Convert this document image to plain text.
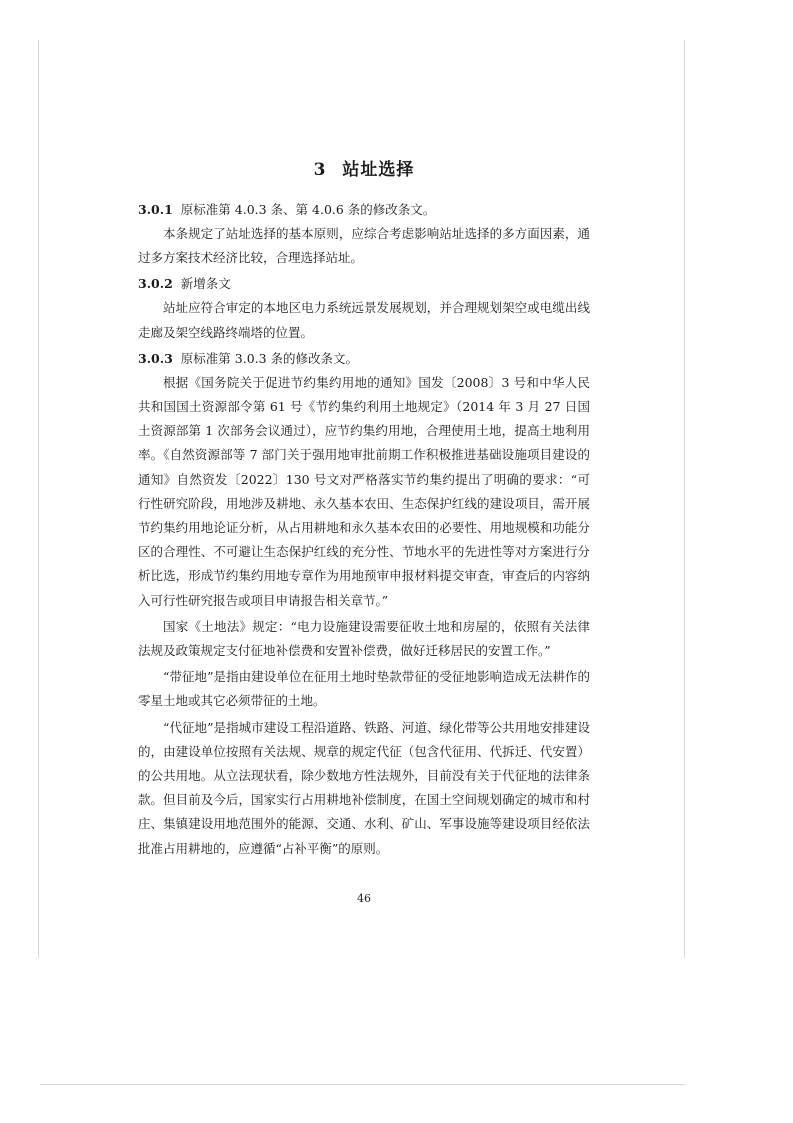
3 站址选择
3.0.1 原标准第 4.0.3 条、第 4.0.6 条的修改条文。

本条规定了站址选择的基本原则，应综合考虑影响站址选择的多方面因素，通过多方案技术经济比较，合理选择站址。

3.0.2 新增条文

站址应符合审定的本地区电力系统远景发展规划，并合理规划架空或电缆出线走廊及架空线路终端塔的位置。

3.0.3 原标准第 3.0.3 条的修改条文。

根据《国务院关于促进节约集约用地的通知》国发〔2008〕3 号和中华人民共和国国土资源部令第 61 号《节约集约利用土地规定》（2014 年 3 月 27 日国土资源部第 1 次部务会议通过），应节约集约用地，合理使用土地，提高土地利用率。《自然资源部等 7 部门关于强用地审批前期工作积极推进基础设施项目建设的通知》自然资发〔2022〕130 号文对严格落实节约集约提出了明确的要求：“可行性研究阶段，用地涉及耕地、永久基本农田、生态保护红线的建设项目，需开展节约集约用地论证分析，从占用耕地和永久基本农田的必要性、用地规模和功能分区的合理性、不可避让生态保护红线的充分性、节地水平的先进性等对方案进行分析比选，形成节约集约用地专章作为用地预审申报材料提交审查，审查后的内容纳入可行性研究报告或项目申请报告相关章节。”

国家《土地法》规定：“电力设施建设需要征收土地和房屋的，依照有关法律法规及政策规定支付征地补偿费和安置补偿费，做好迁移居民的安置工作。”

“带征地”是指由建设单位在征用土地时垫款带征的受征地影响造成无法耕作的零星土地或其它必须带征的土地。

“代征地”是指城市建设工程沿道路、铁路、河道、绿化带等公共用地安排建设的，由建设单位按照有关法规、规章的规定代征（包含代征用、代拆迁、代安置）的公共用地。从立法现状看，除少数地方性法规外，目前没有关于代征地的法律条款。但目前及今后，国家实行占用耕地补偿制度，在国土空间规划确定的城市和村庄、集镇建设用地范围外的能源、交通、水利、矿山、军事设施等建设项目经依法批准占用耕地的，应遵循“占补平衡”的原则。

46
